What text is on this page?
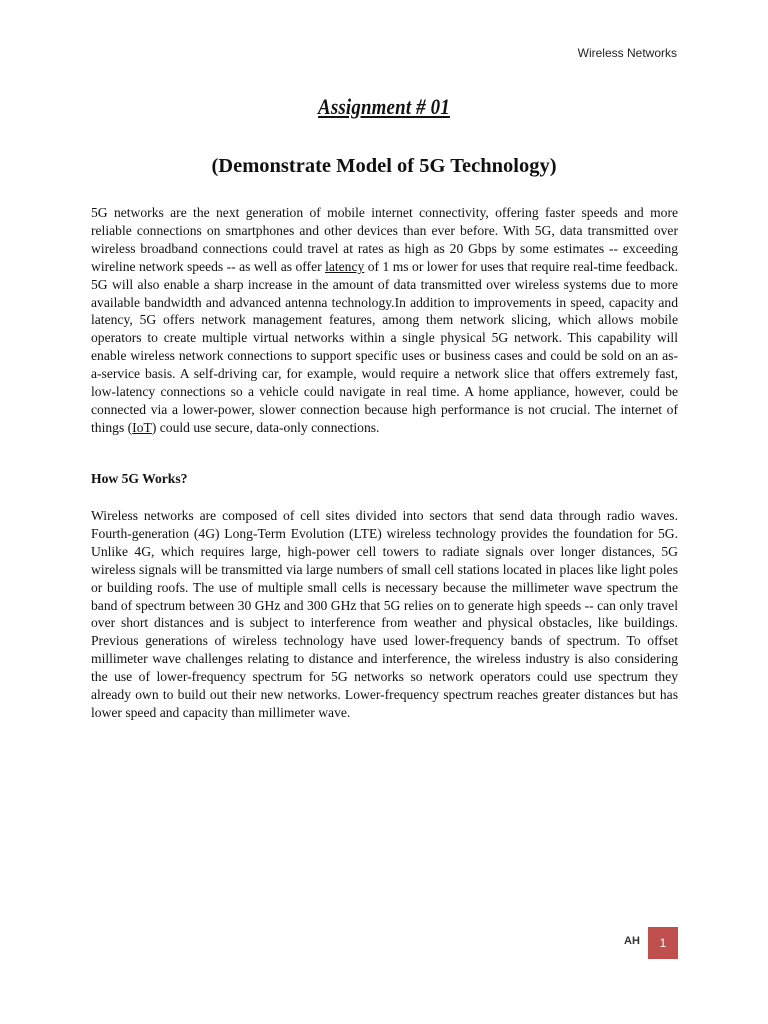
Wireless Networks
Assignment # 01
(Demonstrate Model of 5G Technology)
5G networks are the next generation of mobile internet connectivity, offering faster speeds and more reliable connections on smartphones and other devices than ever before. With 5G, data transmitted over wireless broadband connections could travel at rates as high as 20 Gbps by some estimates -- exceeding wireline network speeds -- as well as offer latency of 1 ms or lower for uses that require real-time feedback. 5G will also enable a sharp increase in the amount of data transmitted over wireless systems due to more available bandwidth and advanced antenna technology.In addition to improvements in speed, capacity and latency, 5G offers network management features, among them network slicing, which allows mobile operators to create multiple virtual networks within a single physical 5G network. This capability will enable wireless network connections to support specific uses or business cases and could be sold on an as-a-service basis. A self-driving car, for example, would require a network slice that offers extremely fast, low-latency connections so a vehicle could navigate in real time. A home appliance, however, could be connected via a lower-power, slower connection because high performance is not crucial. The internet of things (IoT) could use secure, data-only connections.
How 5G Works?
Wireless networks are composed of cell sites divided into sectors that send data through radio waves. Fourth-generation (4G) Long-Term Evolution (LTE) wireless technology provides the foundation for 5G. Unlike 4G, which requires large, high-power cell towers to radiate signals over longer distances, 5G wireless signals will be transmitted via large numbers of small cell stations located in places like light poles or building roofs. The use of multiple small cells is necessary because the millimeter wave spectrum the band of spectrum between 30 GHz and 300 GHz that 5G relies on to generate high speeds -- can only travel over short distances and is subject to interference from weather and physical obstacles, like buildings. Previous generations of wireless technology have used lower-frequency bands of spectrum. To offset millimeter wave challenges relating to distance and interference, the wireless industry is also considering the use of lower-frequency spectrum for 5G networks so network operators could use spectrum they already own to build out their new networks. Lower-frequency spectrum reaches greater distances but has lower speed and capacity than millimeter wave.
AH	1
